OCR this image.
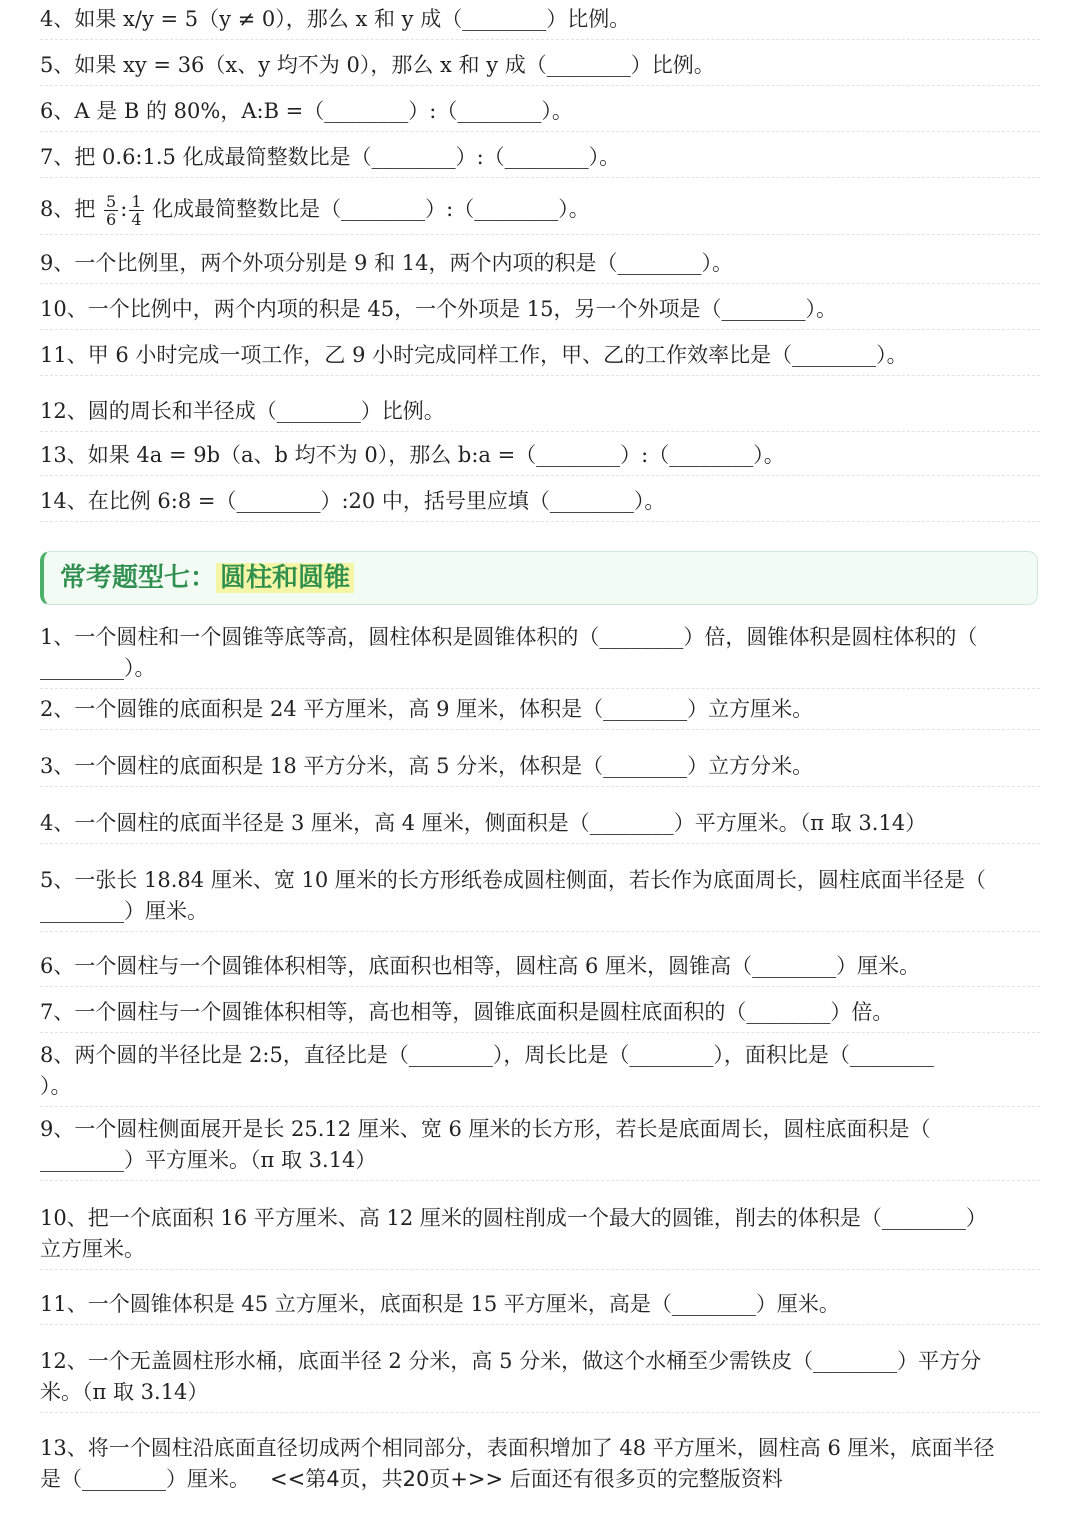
4、如果 x/y = 5（y ≠ 0），那么 x 和 y 成（________）比例。
5、如果 xy = 36（x、y 均不为 0），那么 x 和 y 成（________）比例。
6、A 是 B 的 80%，A:B =（________）:（________）。
7、把 0.6:1.5 化成最简整数比是（________）:（________）。
8、把 $\frac{5}{6}$ : $\frac{1}{4}$ 化成最简整数比是（________）:（________）。
9、一个比例里，两个外项分别是 9 和 14，两个内项的积是（________）。
10、一个比例中，两个内项的积是 45，一个外项是 15，另一个外项是（________）。
11、甲 6 小时完成一项工作，乙 9 小时完成同样工作，甲、乙的工作效率比是（________）。
12、圆的周长和半径成（________）比例。
13、如果 4a = 9b（a、b 均不为 0），那么 b:a =（________）:（________）。
14、在比例 6:8 =（________）:20 中，括号里应填（________）。
常考题型七： 圆柱和圆锥
1、一个圆柱和一个圆锥等底等高，圆柱体积是圆锥体积的（________）倍，圆锥体积是圆柱体积的（
________）。
2、一个圆锥的底面积是 24 平方厘米，高 9 厘米，体积是（________）立方厘米。
3、一个圆柱的底面积是 18 平方分米，高 5 分米，体积是（________）立方分米。
4、一个圆柱的底面半径是 3 厘米，高 4 厘米，侧面积是（________）平方厘米。（π 取 3.14）
5、一张长 18.84 厘米、宽 10 厘米的长方形纸卷成圆柱侧面，若长作为底面周长，圆柱底面半径是（
________）厘米。
6、一个圆柱与一个圆锥体积相等，底面积也相等，圆柱高 6 厘米，圆锥高（________）厘米。
7、一个圆柱与一个圆锥体积相等，高也相等，圆锥底面积是圆柱底面积的（________）倍。
8、两个圆的半径比是 2:5，直径比是（________），周长比是（________），面积比是（________
）。
9、一个圆柱侧面展开是长 25.12 厘米、宽 6 厘米的长方形，若长是底面周长，圆柱底面积是（
________）平方厘米。（π 取 3.14）
10、把一个底面积 16 平方厘米、高 12 厘米的圆柱削成一个最大的圆锥，削去的体积是（________）
立方厘米。
11、一个圆锥体积是 45 立方厘米，底面积是 15 平方厘米，高是（________）厘米。
12、一个无盖圆柱形水桶，底面半径 2 分米，高 5 分米，做这个水桶至少需铁皮（________）平方分
米。（π 取 3.14）
13、将一个圆柱沿底面直径切成两个相同部分，表面积增加了 48 平方厘米，圆柱高 6 厘米，底面半径
是（________）厘米。 <<第4页，共20页+>> 后面还有很多页的完整版资料
